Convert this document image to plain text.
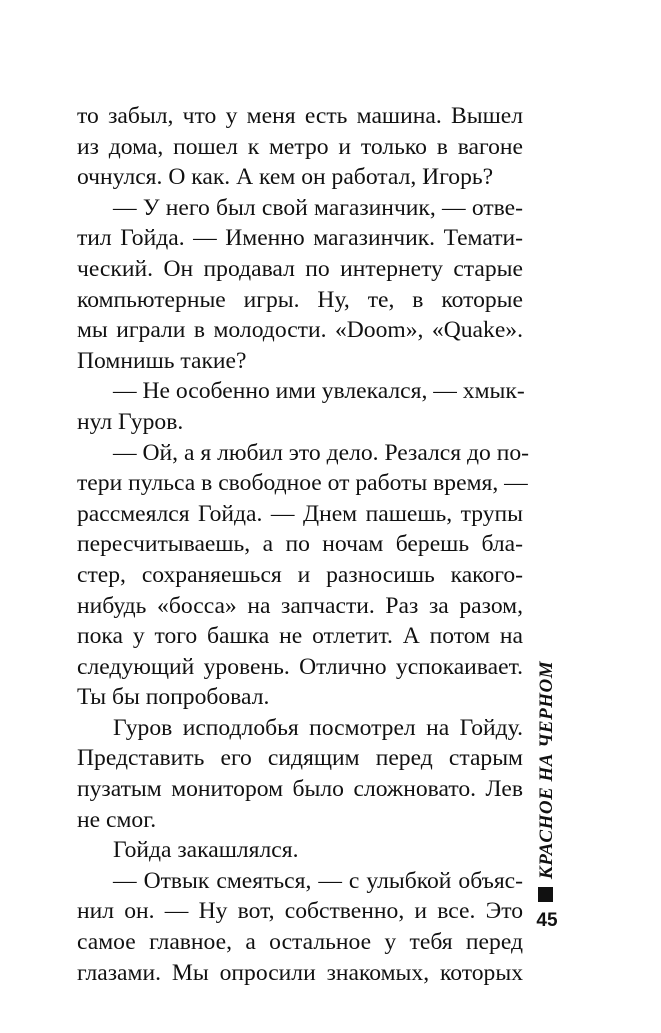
то забыл, что у меня есть машина. Вышел
из дома, пошел к метро и только в вагоне
очнулся. О как. А кем он работал, Игорь?
— У него был свой магазинчик, — отве-
тил Гойда. — Именно магазинчик. Темати-
ческий. Он продавал по интернету старые
компьютерные игры. Ну, те, в которые
мы играли в молодости. «Doom», «Quake».
Помнишь такие?
— Не особенно ими увлекался, — хмык-
нул Гуров.
— Ой, а я любил это дело. Резался до по-
тери пульса в свободное от работы время, —
рассмеялся Гойда. — Днем пашешь, трупы
пересчитываешь, а по ночам берешь бла-
стер, сохраняешься и разносишь какого-
нибудь «босса» на запчасти. Раз за разом,
пока у того башка не отлетит. А потом на
следующий уровень. Отлично успокаивает.
Ты бы попробовал.
Гуров исподлобья посмотрел на Гойду.
Представить его сидящим перед старым
пузатым монитором было сложновато. Лев
не смог.
Гойда закашлялся.
— Отвык смеяться, — с улыбкой объяс-
нил он. — Ну вот, собственно, и все. Это
самое главное, а остальное у тебя перед
глазами. Мы опросили знакомых, которых
КРАСНОЕ НА ЧЕРНОМ
45
